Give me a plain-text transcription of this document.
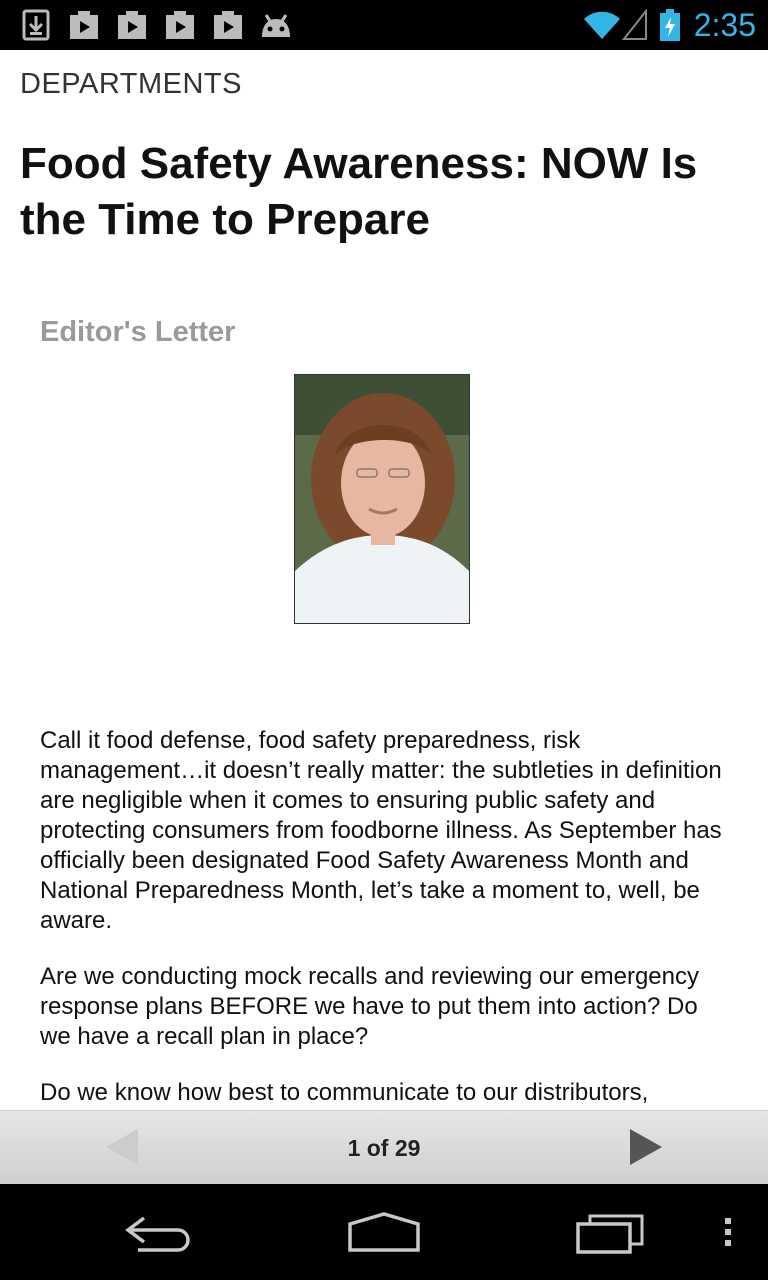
2:35
DEPARTMENTS
Food Safety Awareness: NOW Is the Time to Prepare
Editor's Letter

Call it food defense, food safety preparedness, risk management…it doesn’t really matter: the subtleties in definition are negligible when it comes to ensuring public safety and protecting consumers from foodborne illness. As September has officially been designated Food Safety Awareness Month and National Preparedness Month, let’s take a moment to, well, be aware.

Are we conducting mock recalls and reviewing our emergency response plans BEFORE we have to put them into action? Do we have a recall plan in place?

Do we know how best to communicate to our distributors,

1 of 29
